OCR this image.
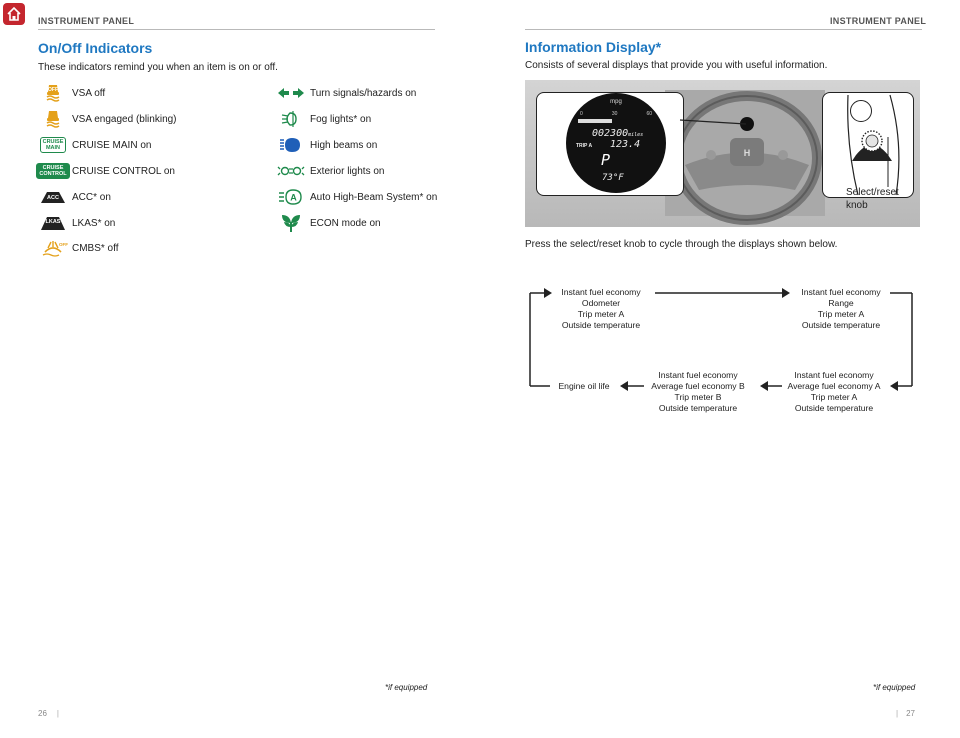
INSTRUMENT PANEL
On/Off Indicators
These indicators remind you when an item is on or off.
OFF VSA off
VSA engaged (blinking)
CRUISE
MAIN	CRUISE MAIN on
CRUISE
CONTROL CRUISE CONTROL on
ACC ACC* on
LKAS LKAS* on
OFF CMBS* off
Turn signals/hazards on
Fog lights* on
High beams on
Exterior lights on
A Auto High-Beam System* on
ECON mode on
*if equipped
26 |
INSTRUMENT PANEL
Information Display*
Consists of several displays that provide you with useful information.
H
mpg
0	30	60
002300miles
TRIP A 123.4
P
73°F
Select/reset knob
Press the select/reset knob to cycle through the displays shown below.
Instant fuel economy
Odometer
Trip meter A
Outside temperature
Instant fuel economy
Range
Trip meter A
Outside temperature
Instant fuel economy
Average fuel economy A
Trip meter A
Outside temperature
Instant fuel economy
Average fuel economy B
Trip meter B
Outside temperature
Engine oil life
*if equipped
| 27
